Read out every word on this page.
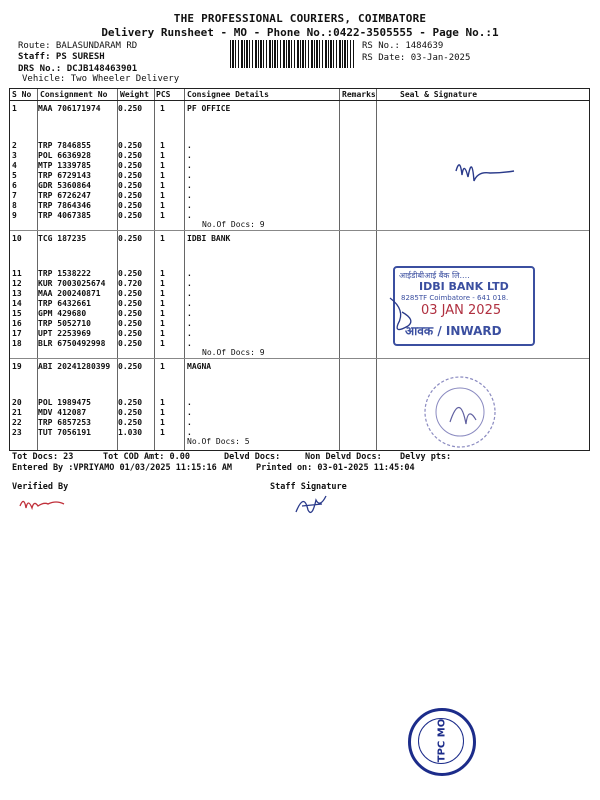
THE PROFESSIONAL COURIERS, COIMBATORE
Delivery Runsheet - MO - Phone No.:0422-3505555 - Page No.:1
Route: BALASUNDARAM RD
Staff: PS SURESH
DRS No.: DCJB148463901
Vehicle: Two Wheeler Delivery
RS No.: 1484639
RS Date: 03-Jan-2025
S No Consignment No Weight PCS Consignee Details	Remarks	Seal & Signature
1	MAA 706171974 0.250 1	PF OFFICE
2	TRP 7846855	0.250 1	.
3	POL 6636928	0.250 1	.
4	MTP 1339785	0.250 1	.
5	TRP 6729143	0.250 1	.
6	GDR 5360864	0.250 1	.
7	TRP 6726247	0.250 1	.
8	TRP 7864346	0.250 1	.
9	TRP 4067385	0.250 1	.
No.Of Docs: 9
10 TCG 187235	0.250 1	IDBI BANK
11 TRP 1538222	0.250 1	.
12 KUR 7003025674 0.720 1	.
13 MAA 200240871 0.250 1	.
14 TRP 6432661	0.250 1	.
15 GPM 429680	0.250 1	.
16 TRP 5052710	0.250 1	.
17 UPT 2253969	0.250 1	.
18 BLR 6750492998 0.250 1	.
No.Of Docs: 9
19 ABI 20241280399 0.250 1	MAGNA
20 POL 1989475	0.250 1	.
21 MDV 412087	0.250 1	.
22 TRP 6857253	0.250 1	.
23 TUT 7056191	1.030 1	.
No.Of Docs: 5
आईडीबीआई बैंक लि....
IDBI BANK LTD
8285TF Coimbatore - 641 018.
03 JAN 2025
आवक / INWARD
Tot Docs: 23	Tot COD Amt: 0.00	Delvd Docs:	Non Delvd Docs: Delvy pts:
Entered By :VPRIYAMO 01/03/2025 11:15:16 AM	Printed on: 03-01-2025 11:45:04
Verified By	Staff Signature
TPC MO
